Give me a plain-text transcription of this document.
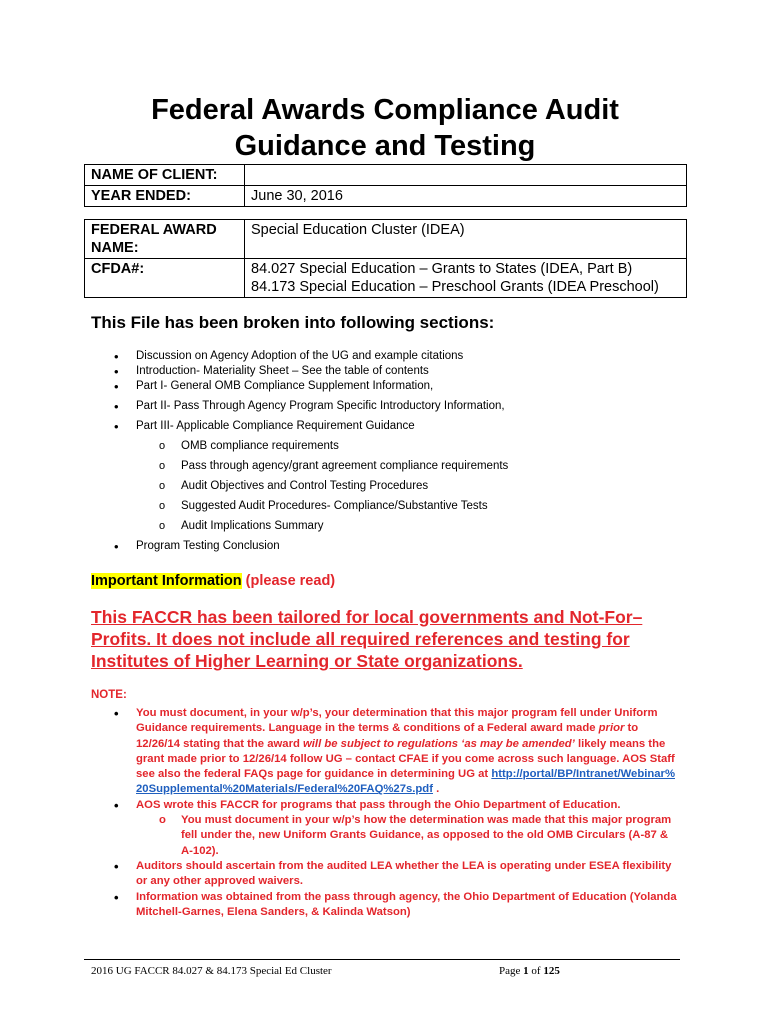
Federal Awards Compliance Audit
Guidance and Testing
NAME OF CLIENT:	
YEAR ENDED:	June 30, 2016
FEDERAL AWARD NAME:	Special Education Cluster (IDEA)
CFDA#:	84.027 Special Education – Grants to States (IDEA, Part B)
84.173 Special Education – Preschool Grants (IDEA Preschool)
This File has been broken into following sections:
• Discussion on Agency Adoption of the UG and example citations
• Introduction- Materiality Sheet – See the table of contents
• Part I- General OMB Compliance Supplement Information,
• Part II- Pass Through Agency Program Specific Introductory Information,
• Part III- Applicable Compliance Requirement Guidance
o OMB compliance requirements
o Pass through agency/grant agreement compliance requirements
o Audit Objectives and Control Testing Procedures
o Suggested Audit Procedures- Compliance/Substantive Tests
o Audit Implications Summary
• Program Testing Conclusion
Important Information (please read)
This FACCR has been tailored for local governments and Not-For–Profits. It does not include all required references and testing for Institutes of Higher Learning or State organizations.
NOTE:
• You must document, in your w/p’s, your determination that this major program fell under Uniform Guidance requirements. Language in the terms & conditions of a Federal award made prior to 12/26/14 stating that the award will be subject to regulations ‘as may be amended’ likely means the grant made prior to 12/26/14 follow UG – contact CFAE if you come across such language. AOS Staff see also the federal FAQs page for guidance in determining UG at http://portal/BP/Intranet/Webinar%20Supplemental%20Materials/Federal%20FAQ%27s.pdf .
• AOS wrote this FACCR for programs that pass through the Ohio Department of Education.
o You must document in your w/p’s how the determination was made that this major program fell under the, new Uniform Grants Guidance, as opposed to the old OMB Circulars (A-87 & A-102).
• Auditors should ascertain from the audited LEA whether the LEA is operating under ESEA flexibility or any other approved waivers.
• Information was obtained from the pass through agency, the Ohio Department of Education (Yolanda Mitchell-Garnes, Elena Sanders, & Kalinda Watson)
2016 UG FACCR 84.027 & 84.173 Special Ed Cluster	Page 1 of 125
